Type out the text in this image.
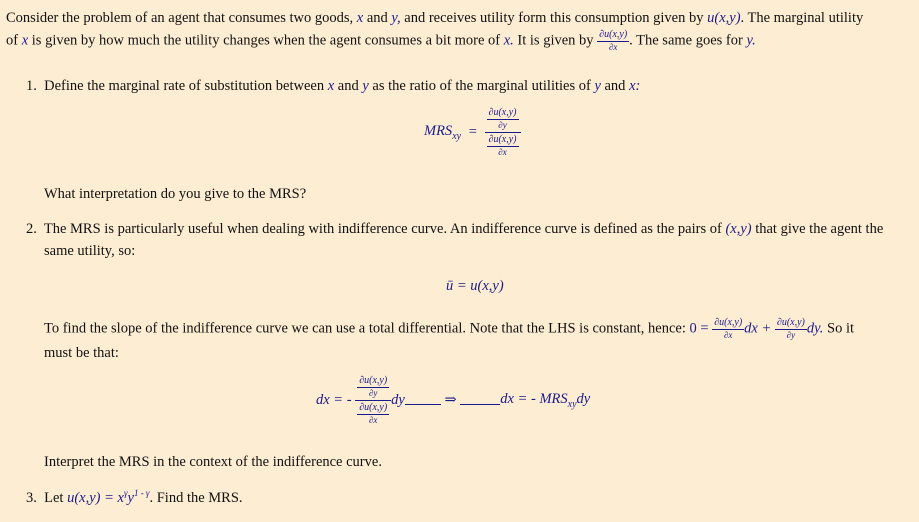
Consider the problem of an agent that consumes two goods, x and y, and receives utility form this consumption given by u(x,y). The marginal utility
of x is given by how much the utility changes when the agent consumes a bit more of x. It is given by $\frac{\partial u(x,y)}{\partial x}$ . The same goes for y.
1. Define the marginal rate of substitution between x and y as the ratio of the marginal utilities of y and x:
$MRS_{xy} = \frac{\frac{\partial u(x,y)}{\partial y}}{\frac{\partial u(x,y)}{\partial x}}$
What interpretation do you give to the MRS?
2. The MRS is particularly useful when dealing with indifference curve. An indifference curve is defined as the pairs of (x,y) that give the agent the
same utility, so:
ū = u(x,y)
To find the slope of the indifference curve we can use a total differential. Note that the LHS is constant, hence: $0 = \frac{\partial u(x,y)}{\partial x}$ dx + $\frac{\partial u(x,y)}{\partial y}$ dy. So it
must be that:
dx = - $\frac{\frac{\partial u(x,y)}{\partial y}}{\frac{\partial u(x,y)}{\partial x}}$ dy	⇒	dx = - $MRS_{xy}dy$
Interpret the MRS in the context of the indifference curve.
3. Let $u(x,y) = x^\gamma y^{1 - \gamma}$. Find the MRS.
